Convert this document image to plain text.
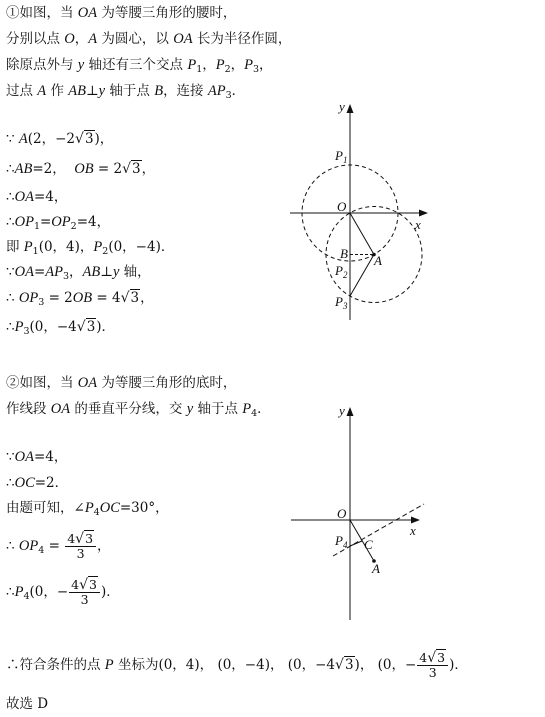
①如图，当 OA 为等腰三角形的腰时，
分别以点 O，A 为圆心，以 OA 长为半径作圆，
除原点外与 y 轴还有三个交点 $P_1$，$P_2$，$P_3$，
过点 A 作 AB⊥y 轴于点 B，连接 $AP_3$．
∵ A(2，−2√3)，
∴AB=2，  OB = 2√3，
∴OA=4，
$\therefore OP_1=OP_2=4$，
即 $P_1(0$，4)，$P_2(0$，−4)．
$\because OA=AP_3$，AB⊥y 轴，
∴ $OP_3 = 2OB = 4√3$，
$\therefore P_3(0$，−4√3)．
y
x
O
A
B
$P_1$
$P_2$
$P_3$
②如图，当 OA 为等腰三角形的底时，
作线段 OA 的垂直平分线，交 y 轴于点 $P_4$．
∵OA=4，
∴OC=2．
由题可知，$\angle P_4OC=30^\circ$，
∴ $OP_4 = \frac{4√3}{3}$ ，
$\therefore P_4(0$，− $\frac{4√3}{3}$ )．
y
x
O
C
A
$P_4$
∴符合条件的点 P 坐标为(0，4)， (0，−4)， (0，−4√3)， (0，− $\frac{4√3}{3}$ )．
故选 D
